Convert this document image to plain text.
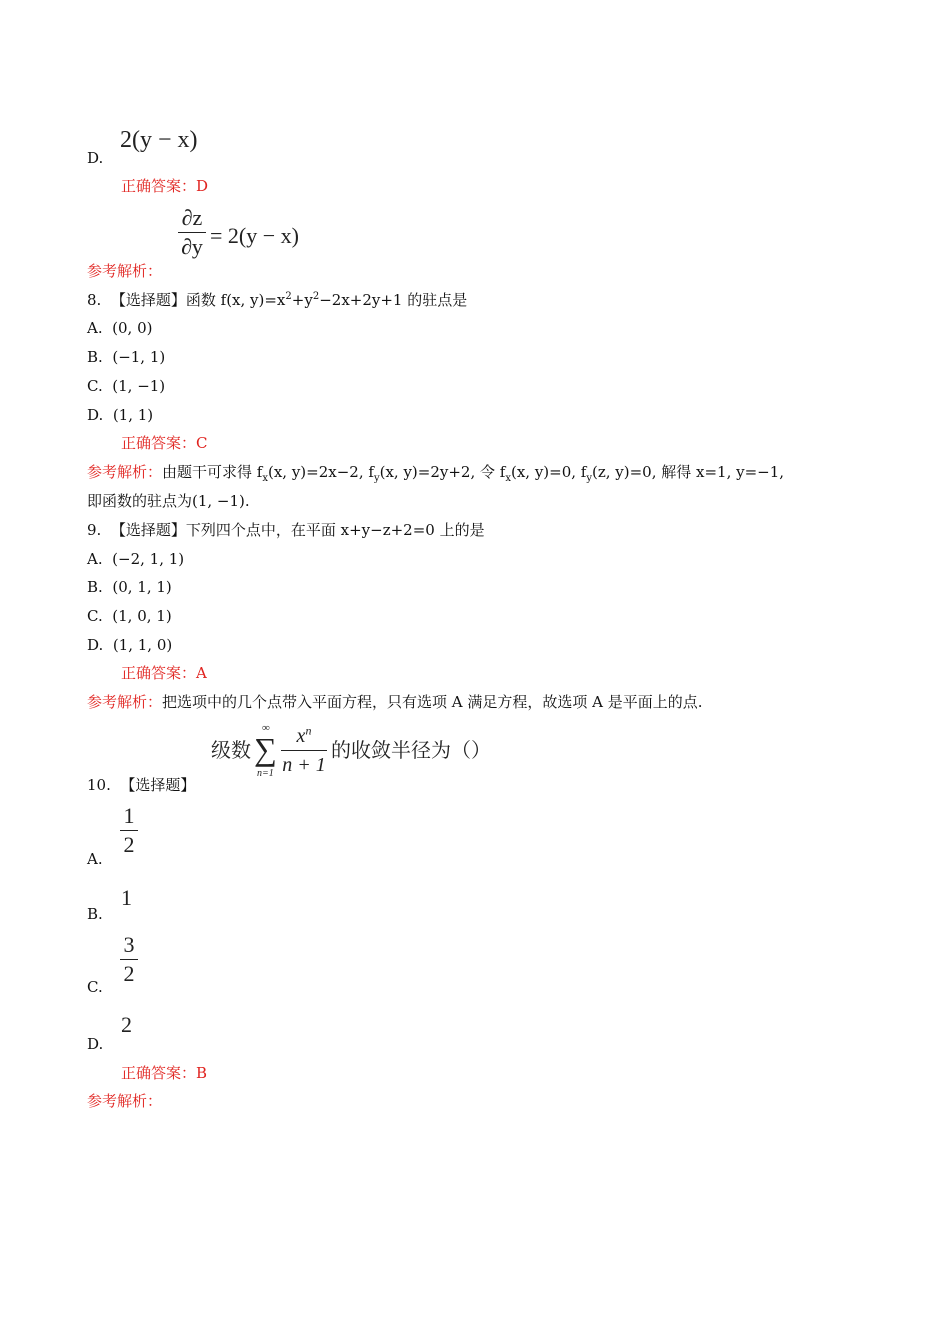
2(y − x)
D.
正确答案：D
∂z
∂y = 2(y − x)
参考解析：
8. 【选择题】函数 f(x, $y)=x^2+y^2-2x+2y+1$ 的驻点是
A. (0, 0)
B. (−1, 1)
C. (1, −1)
D. (1, 1)
正确答案：C
参考解析：由题干可求得 $f_x(x$, y)=2x−2, $f_y(x$, y)=2y+2, 令 $f_x(x$, y)=0, $f_y(z$, y)=0, 解得 x=1, y=−1,
即函数的驻点为(1, −1).
9. 【选择题】下列四个点中，在平面 x+y−z+2=0 上的是
A. (−2, 1, 1)
B. (0, 1, 1)
C. (1, 0, 1)
D. (1, 1, 0)
正确答案：A
参考解析：把选项中的几个点带入平面方程，只有选项 A 满足方程，故选项 A 是平面上的点.
级数
∞
∑
n=1
$x^n$
n + 1
的收敛半径为（）
10. 【选择题】
1
2
A.
1
B.
3
2
C.
2
D.
正确答案：B
参考解析：
